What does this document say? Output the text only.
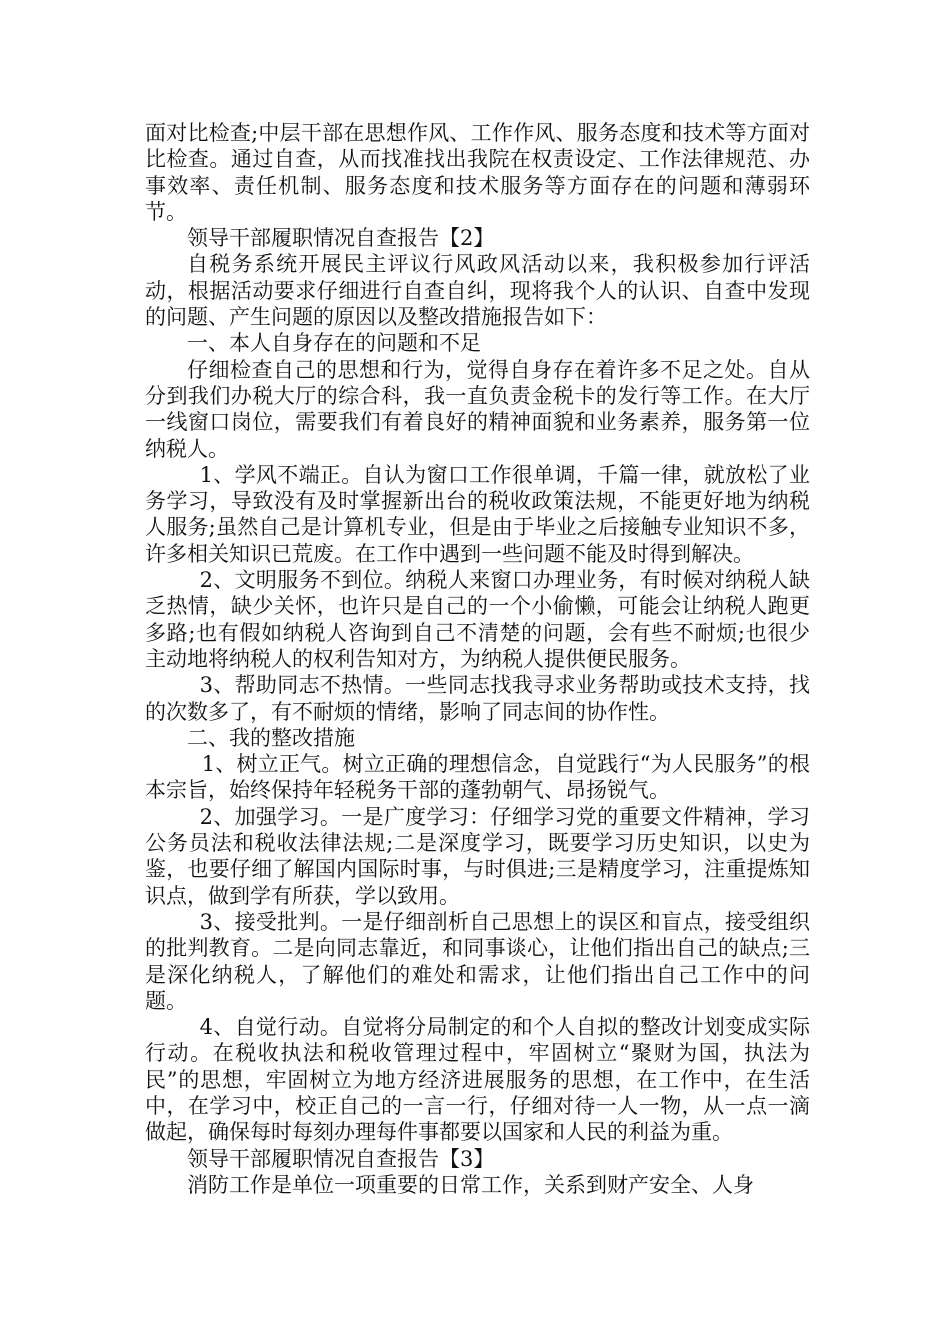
面对比检查;中层干部在思想作风、工作作风、服务态度和技术等方面对比检查。通过自查，从而找准找出我院在权责设定、工作法律规范、办事效率、责任机制、服务态度和技术服务等方面存在的问题和薄弱环节。

领导干部履职情况自查报告【2】

自税务系统开展民主评议行风政风活动以来，我积极参加行评活动，根据活动要求仔细进行自查自纠，现将我个人的认识、自查中发现的问题、产生问题的原因以及整改措施报告如下：

一、本人自身存在的问题和不足

仔细检查自己的思想和行为，觉得自身存在着许多不足之处。自从分到我们办税大厅的综合科，我一直负责金税卡的发行等工作。在大厅一线窗口岗位，需要我们有着良好的精神面貌和业务素养，服务第一位纳税人。

1、学风不端正。自认为窗口工作很单调，千篇一律，就放松了业务学习，导致没有及时掌握新出台的税收政策法规，不能更好地为纳税人服务;虽然自己是计算机专业，但是由于毕业之后接触专业知识不多，许多相关知识已荒废。在工作中遇到一些问题不能及时得到解决。

2、文明服务不到位。纳税人来窗口办理业务，有时候对纳税人缺乏热情，缺少关怀，也许只是自己的一个小偷懒，可能会让纳税人跑更多路;也有假如纳税人咨询到自己不清楚的问题，会有些不耐烦;也很少主动地将纳税人的权利告知对方，为纳税人提供便民服务。

3、帮助同志不热情。一些同志找我寻求业务帮助或技术支持，找的次数多了，有不耐烦的情绪，影响了同志间的协作性。

二、我的整改措施

1、树立正气。树立正确的理想信念，自觉践行“为人民服务”的根本宗旨，始终保持年轻税务干部的蓬勃朝气、昂扬锐气。

2、加强学习。一是广度学习：仔细学习党的重要文件精神，学习公务员法和税收法律法规;二是深度学习，既要学习历史知识，以史为鉴，也要仔细了解国内国际时事，与时俱进;三是精度学习，注重提炼知识点，做到学有所获，学以致用。

3、接受批判。一是仔细剖析自己思想上的误区和盲点，接受组织的批判教育。二是向同志靠近，和同事谈心，让他们指出自己的缺点;三是深化纳税人，了解他们的难处和需求，让他们指出自己工作中的问题。

4、自觉行动。自觉将分局制定的和个人自拟的整改计划变成实际行动。在税收执法和税收管理过程中，牢固树立“聚财为国，执法为民”的思想，牢固树立为地方经济进展服务的思想，在工作中，在生活中，在学习中，校正自己的一言一行，仔细对待一人一物，从一点一滴做起，确保每时每刻办理每件事都要以国家和人民的利益为重。

领导干部履职情况自查报告【3】

消防工作是单位一项重要的日常工作，关系到财产安全、人身
